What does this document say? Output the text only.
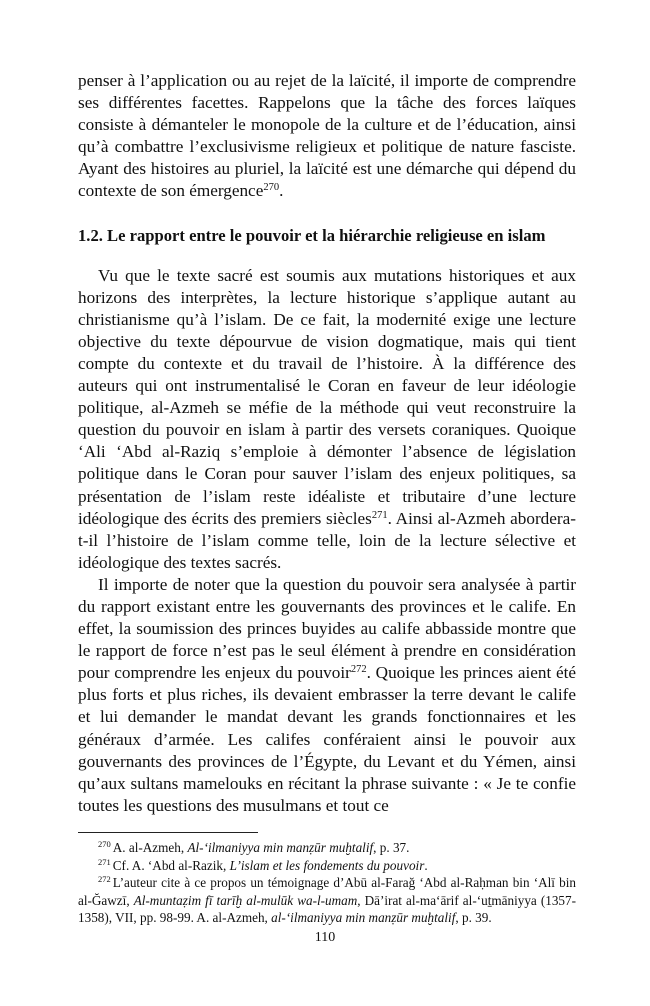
penser à l’application ou au rejet de la laïcité, il importe de comprendre ses différentes facettes. Rappelons que la tâche des forces laïques consiste à démanteler le monopole de la culture et de l’éducation, ainsi qu’à combattre l’exclusivisme religieux et politique de nature fasciste. Ayant des histoires au pluriel, la laïcité est une démarche qui dépend du contexte de son émergence$^{270}$.

1.2. Le rapport entre le pouvoir et la hiérarchie religieuse en islam

Vu que le texte sacré est soumis aux mutations historiques et aux horizons des interprètes, la lecture historique s’applique autant au christianisme qu’à l’islam. De ce fait, la modernité exige une lecture objective du texte dépourvue de vision dogmatique, mais qui tient compte du contexte et du travail de l’histoire. À la différence des auteurs qui ont instrumentalisé le Coran en faveur de leur idéologie politique, al-Azmeh se méfie de la méthode qui veut reconstruire la question du pouvoir en islam à partir des versets coraniques. Quoique ‘Ali ‘Abd al-Raziq s’emploie à démonter l’absence de législation politique dans le Coran pour sauver l’islam des enjeux politiques, sa présentation de l’islam reste idéaliste et tributaire d’une lecture idéologique des écrits des premiers siècles$^{271}$. Ainsi al-Azmeh abordera-t-il l’histoire de l’islam comme telle, loin de la lecture sélective et idéologique des textes sacrés.

Il importe de noter que la question du pouvoir sera analysée à partir du rapport existant entre les gouvernants des provinces et le calife. En effet, la soumission des princes buyides au calife abbasside montre que le rapport de force n’est pas le seul élément à prendre en considération pour comprendre les enjeux du pouvoir$^{272}$. Quoique les princes aient été plus forts et plus riches, ils devaient embrasser la terre devant le calife et lui demander le mandat devant les grands fonctionnaires et les généraux d’armée. Les califes conféraient ainsi le pouvoir aux gouvernants des provinces de l’Égypte, du Levant et du Yémen, ainsi qu’aux sultans mamelouks en récitant la phrase suivante : « Je te confie toutes les questions des musulmans et tout ce

$^{270}$ A. al-Azmeh, Al-‘ilmaniyya min manẓūr muḫtalif, p. 37.

$^{271}$ Cf. A. ‘Abd al-Razik, L’islam et les fondements du pouvoir.

$^{272}$ L’auteur cite à ce propos un témoignage d’Abū al-Farağ ‘Abd al-Raḥman bin ‘Alī bin al-Ğawzī, Al-muntaẓim fī tarīḫ al-mulūk wa-l-umam, Dā’irat al-ma‘ārif al-‘uṯmāniyya (1357-1358), VII, pp. 98-99. A. al-Azmeh, al-‘ilmaniyya min manẓūr muḫtalif, p. 39.

110
